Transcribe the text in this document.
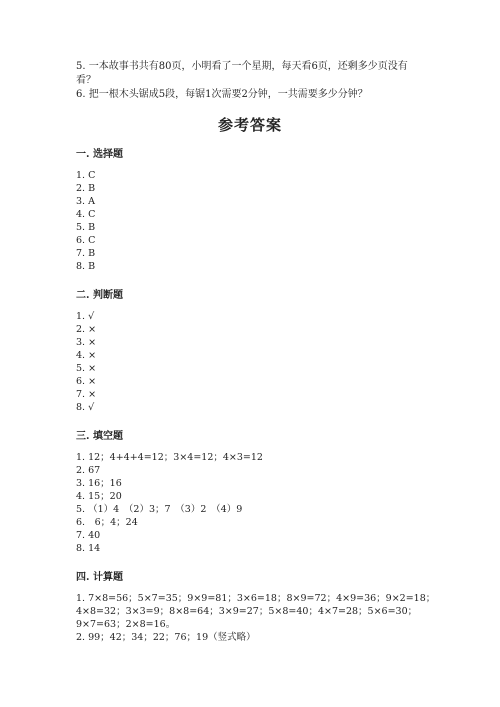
5. 一本故事书共有80页，小明看了一个星期，每天看6页，还剩多少页没有
看？
6. 把一根木头锯成5段，每锯1次需要2分钟，一共需要多少分钟？
参考答案
一. 选择题
1. C
2. B
3. A
4. C
5. B
6. C
7. B
8. B
二. 判断题
1. √
2. ×
3. ×
4. ×
5. ×
6. ×
7. ×
8. √
三. 填空题
1. 12；4+4+4=12；3×4=12；4×3=12
2. 67
3. 16；16
4. 15；20
5. （1）4　（2）3；7　（3）2　（4）9
6.　6；4；24
7. 40
8. 14
四. 计算题
1. 7×8=56；5×7=35；9×9=81；3×6=18；8×9=72；4×9=36；9×2=18；
4×8=32；3×3=9；8×8=64；3×9=27；5×8=40；4×7=28；5×6=30；
9×7=63；2×8=16。
2. 99；42；34；22；76；19（竖式略）
